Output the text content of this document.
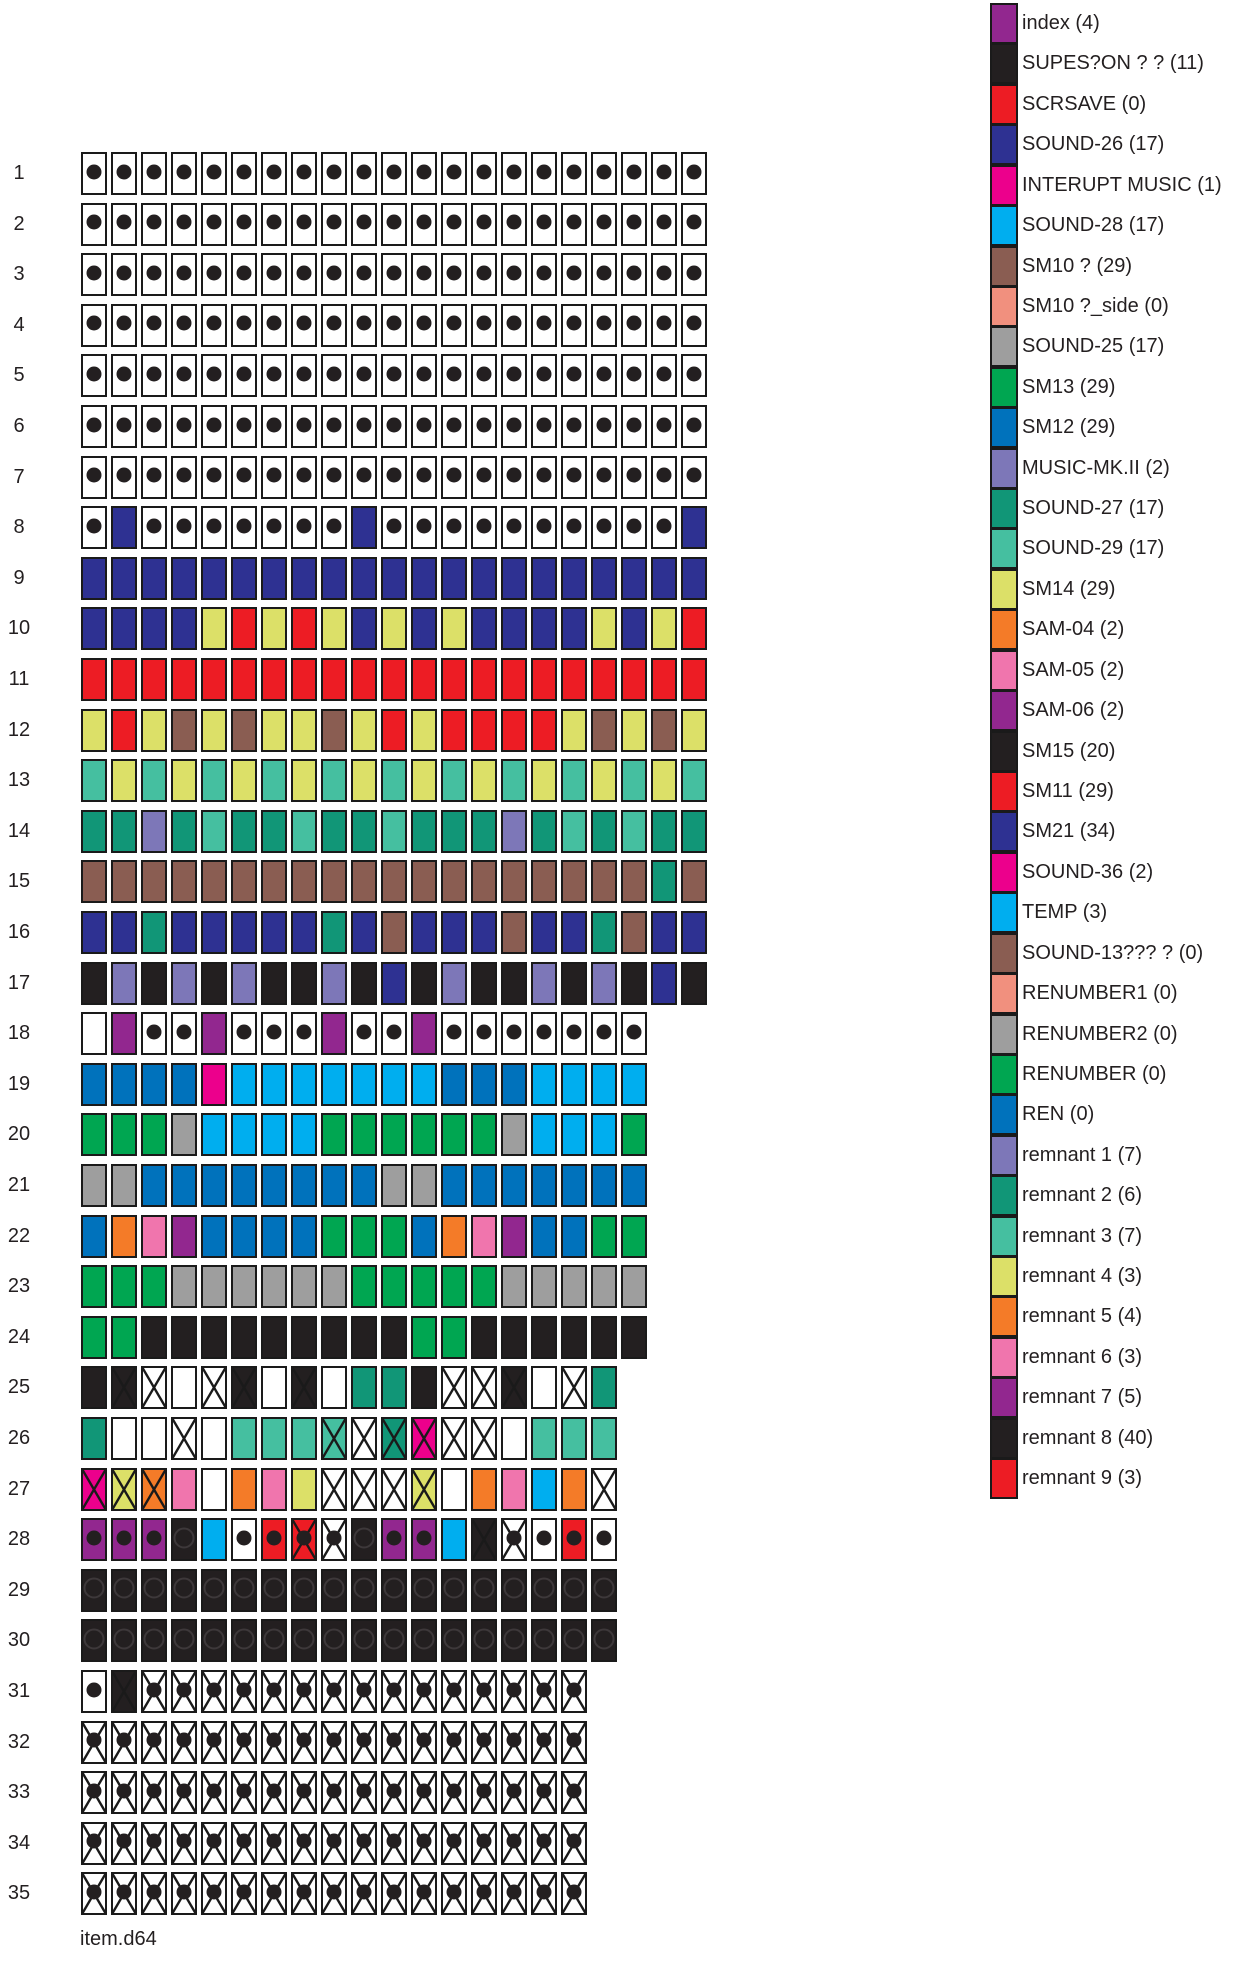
1
2
3
4
5
6
7
8
9
10
11
12
13
14
15
16
17
18
19
20
21
22
23
24
25
26
27
28
29
30
31
32
33
34
35
index (4)
SUPES?ON ? ? (11)
SCRSAVE (0)
SOUND-26 (17)
INTERUPT MUSIC (1)
SOUND-28 (17)
SM10 ? (29)
SM10 ?_side (0)
SOUND-25 (17)
SM13 (29)
SM12 (29)
MUSIC-MK.II (2)
SOUND-27 (17)
SOUND-29 (17)
SM14 (29)
SAM-04 (2)
SAM-05 (2)
SAM-06 (2)
SM15 (20)
SM11 (29)
SM21 (34)
SOUND-36 (2)
TEMP (3)
SOUND-13??? ? (0)
RENUMBER1 (0)
RENUMBER2 (0)
RENUMBER (0)
REN (0)
remnant 1 (7)
remnant 2 (6)
remnant 3 (7)
remnant 4 (3)
remnant 5 (4)
remnant 6 (3)
remnant 7 (5)
remnant 8 (40)
remnant 9 (3)
item.d64
